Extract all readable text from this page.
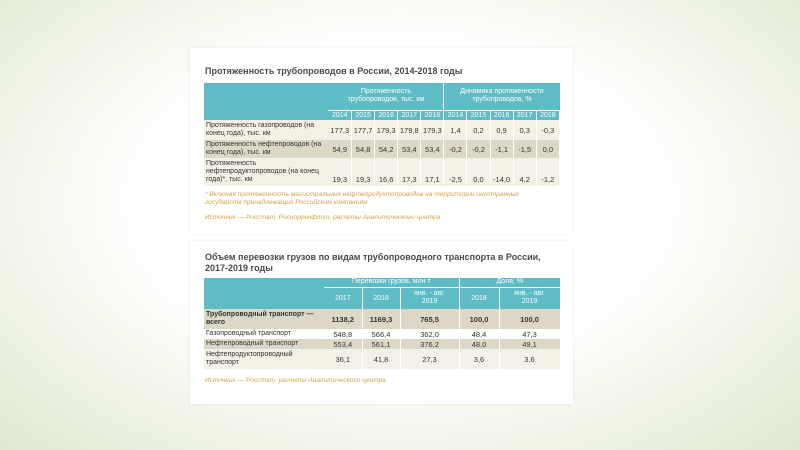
Протяженность трубопроводов в России, 2014-2018 годы
	Протяженность трубопроводов, тыс. км					Динамика протяженности трубопроводов, %				
	2014	2015	2016	2017	2018	2014	2015	2016	2017	2018
Протяженность газопроводов (на конец года), тыс. км	177,3	177,7	179,3	179,8	179,3	1,4	0,2	0,9	0,3	-0,3
Протяженность нефтепроводов (на конец года), тыс. км	54,9	54,8	54,2	53,4	53,4	-0,2	-0,2	-1,1	-1,5	0,0
Протяженность нефтепродуктопроводов (на конец года)*, тыс. км	19,3	19,3	16,6	17,3	17,1	-2,5	0,0	-14,0	4,2	-1,2
* Включая протяженность магистральных нефтепродуктопроводов на территории иностранных государств принадлежащих Российским компаниям
Источник — Росстат, Роснорречфлот, расчеты Аналитического центра
Объем перевозки грузов по видам трубопроводного транспорта в России, 2017-2019 годы
	Перевозки грузов, млн т			Доля, %	
	2017	2018	янв. - авг. 2019	2018	янв. - авг. 2019
Трубопроводный транспорт — всего	1138,2	1169,3	765,5	100,0	100,0
Газопроводный транспорт	548,8	566,4	362,0	48,4	47,3
Нефтепроводный транспорт	553,4	561,1	376,2	48,0	49,1
Нефтепродуктопроводный транспорт	36,1	41,8	27,3	3,6	3,6
Источник — Росстат, расчеты Аналитического центра
